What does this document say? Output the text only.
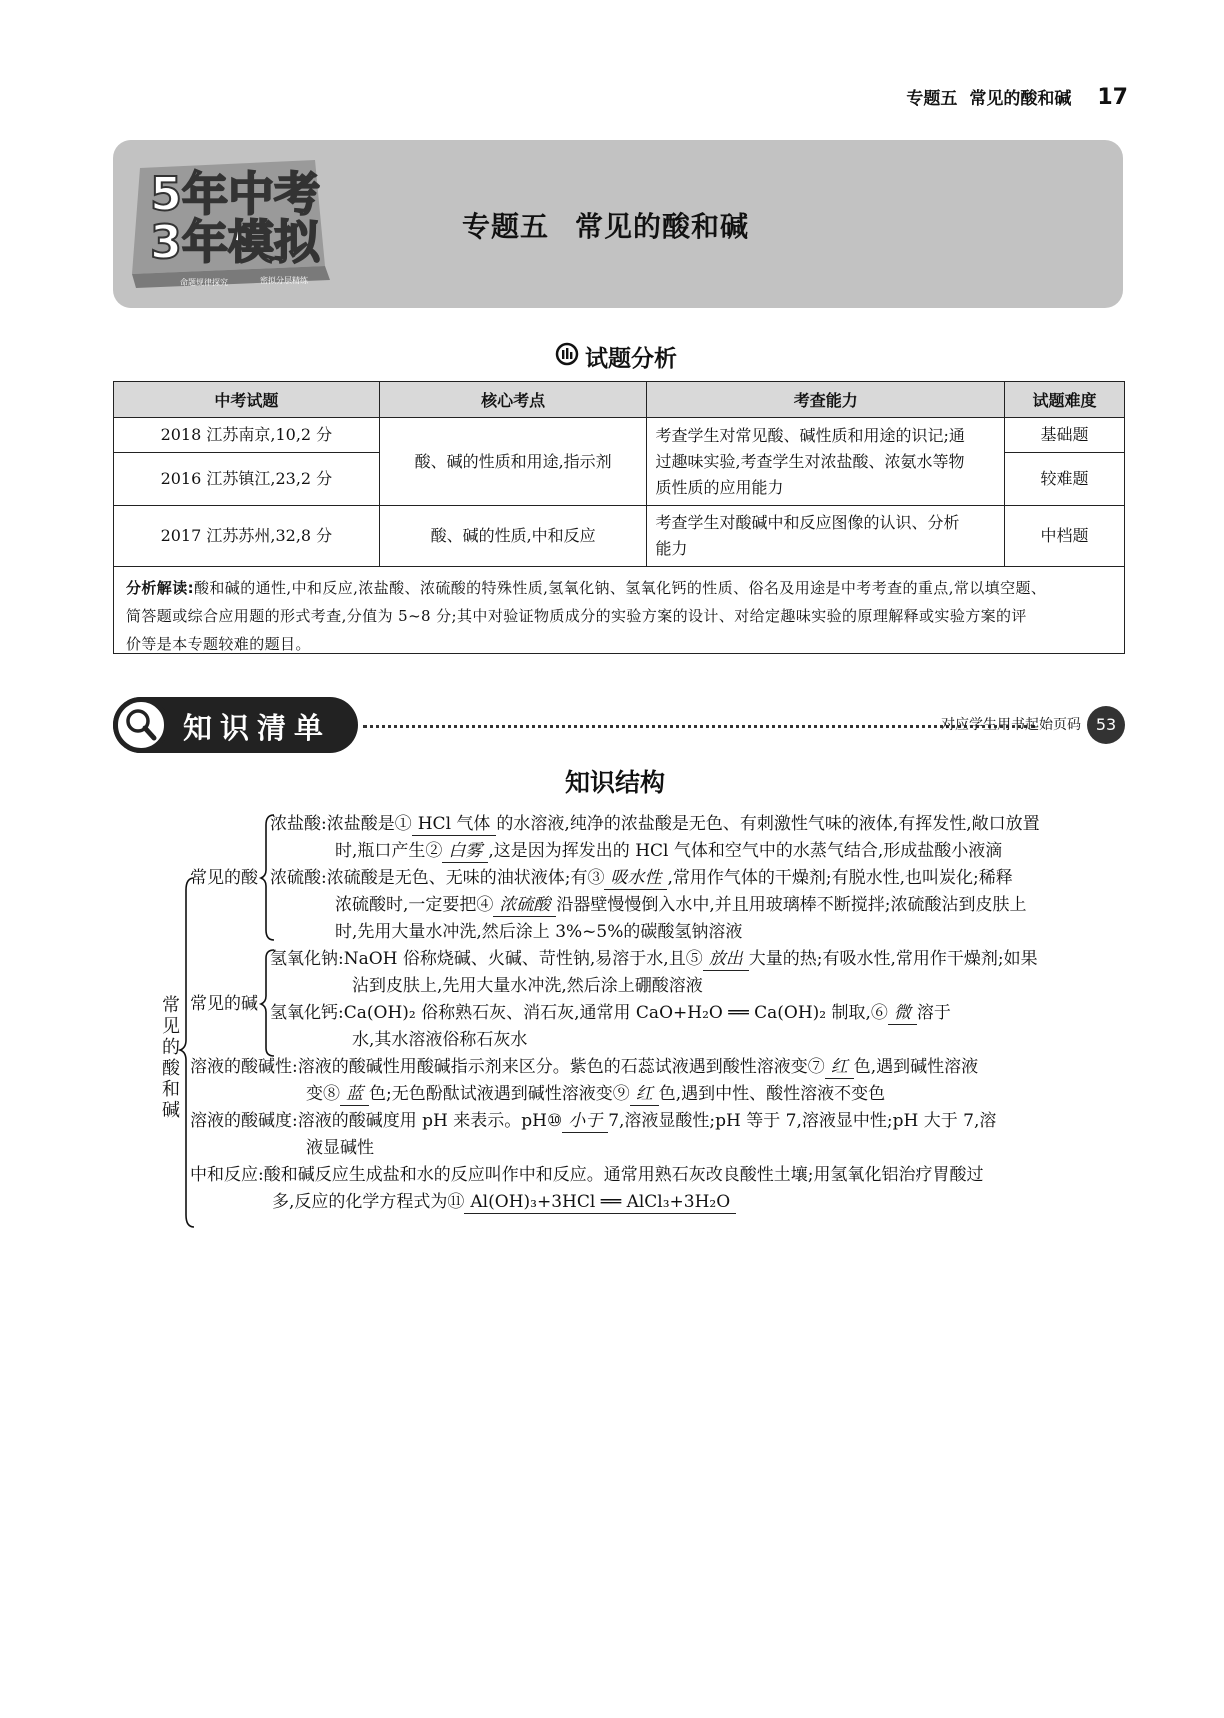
专题五 常见的酸和碱 17
5年中考
3年模拟
命题规律探究	密拟分层精练
专题五 常见的酸和碱
试题分析
中考试题	核心考点	考查能力	试题难度
2018 江苏南京,10,2 分	酸、碱的性质和用途,指示剂	考查学生对常见酸、碱性质和用途的识记;通
过趣味实验,考查学生对浓盐酸、浓氨水等物
质性质的应用能力	基础题
2016 江苏镇江,23,2 分			较难题
2017 江苏苏州,32,8 分	酸、碱的性质,中和反应	考查学生对酸碱中和反应图像的认识、分析
能力	中档题
分析解读:酸和碱的通性,中和反应,浓盐酸、浓硫酸的特殊性质,氢氧化钠、氢氧化钙的性质、俗名及用途是中考考查的重点,常以填空题、
简答题或综合应用题的形式考查,分值为 5~8 分;其中对验证物质成分的实验方案的设计、对给定趣味实验的原理解释或实验方案的评
价等是本专题较难的题目。
知识清单	对应学生用书起始页码 53
知识结构
常见的酸和碱
常见的酸
常见的碱
浓盐酸:浓盐酸是① HCl 气体 的水溶液,纯净的浓盐酸是无色、有刺激性气味的液体,有挥发性,敞口放置
时,瓶口产生② 白雾 ,这是因为挥发出的 HCl 气体和空气中的水蒸气结合,形成盐酸小液滴
浓硫酸:浓硫酸是无色、无味的油状液体;有③ 吸水性 ,常用作气体的干燥剂;有脱水性,也叫炭化;稀释
浓硫酸时,一定要把④ 浓硫酸 沿器壁慢慢倒入水中,并且用玻璃棒不断搅拌;浓硫酸沾到皮肤上
时,先用大量水冲洗,然后涂上 3%~5%的碳酸氢钠溶液
氢氧化钠:NaOH 俗称烧碱、火碱、苛性钠,易溶于水,且⑤ 放出 大量的热;有吸水性,常用作干燥剂;如果
沾到皮肤上,先用大量水冲洗,然后涂上硼酸溶液
氢氧化钙:Ca(OH)₂ 俗称熟石灰、消石灰,通常用 CaO+H₂O ══ Ca(OH)₂ 制取,⑥ 微 溶于
水,其水溶液俗称石灰水
溶液的酸碱性:溶液的酸碱性用酸碱指示剂来区分。紫色的石蕊试液遇到酸性溶液变⑦ 红 色,遇到碱性溶液
变⑧ 蓝 色;无色酚酞试液遇到碱性溶液变⑨ 红 色,遇到中性、酸性溶液不变色
溶液的酸碱度:溶液的酸碱度用 pH 来表示。pH⑩ 小于 7,溶液显酸性;pH 等于 7,溶液显中性;pH 大于 7,溶
液显碱性
中和反应:酸和碱反应生成盐和水的反应叫作中和反应。通常用熟石灰改良酸性土壤;用氢氧化铝治疗胃酸过
多,反应的化学方程式为⑪ Al(OH)₃+3HCl ══ AlCl₃+3H₂O
